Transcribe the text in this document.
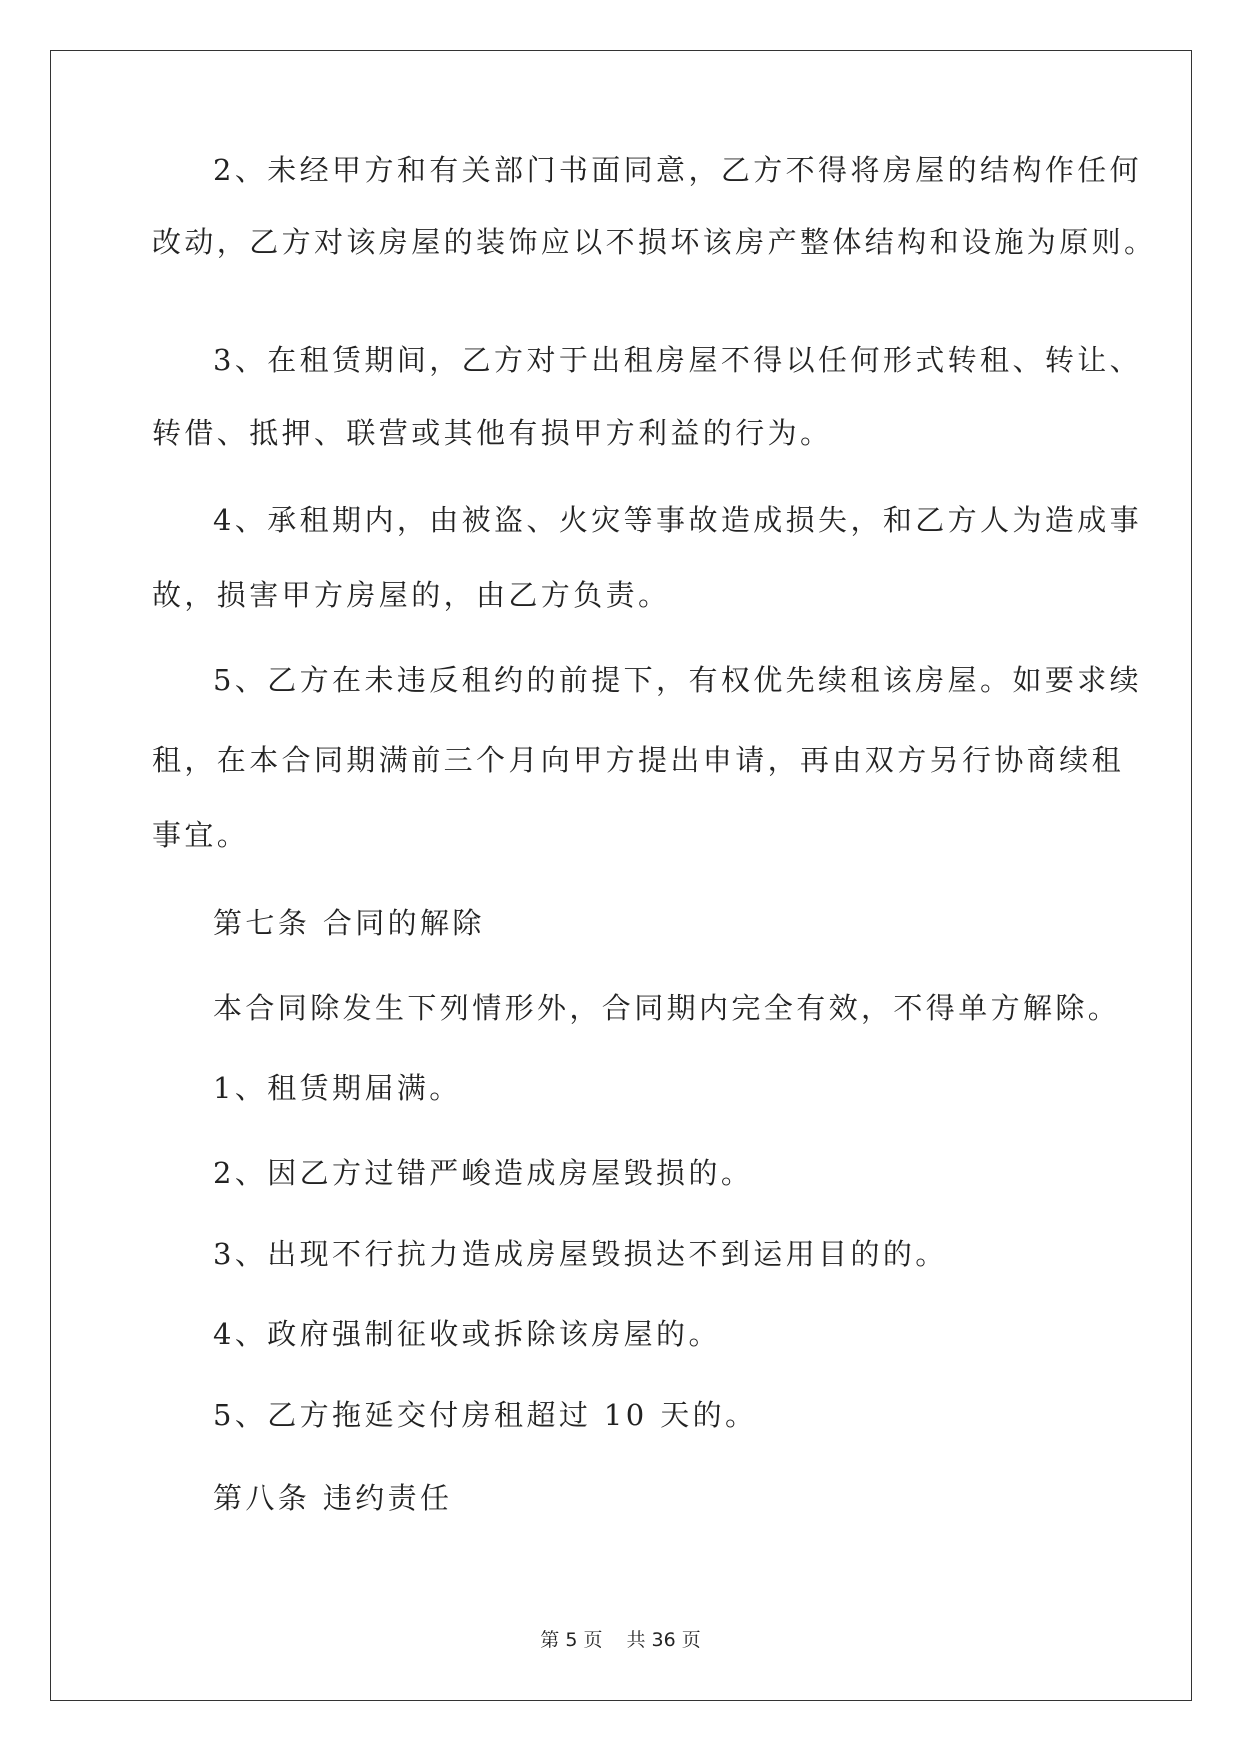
2、未经甲方和有关部门书面同意，乙方不得将房屋的结构作任何

改动，乙方对该房屋的装饰应以不损坏该房产整体结构和设施为原则。

3、在租赁期间，乙方对于出租房屋不得以任何形式转租、转让、

转借、抵押、联营或其他有损甲方利益的行为。

4、承租期内，由被盗、火灾等事故造成损失，和乙方人为造成事

故，损害甲方房屋的，由乙方负责。

5、乙方在未违反租约的前提下，有权优先续租该房屋。如要求续

租，在本合同期满前三个月向甲方提出申请，再由双方另行协商续租

事宜。

第七条 合同的解除

本合同除发生下列情形外，合同期内完全有效，不得单方解除。

1、租赁期届满。

2、因乙方过错严峻造成房屋毁损的。

3、出现不行抗力造成房屋毁损达不到运用目的的。

4、政府强制征收或拆除该房屋的。

5、乙方拖延交付房租超过 10 天的。

第八条 违约责任

第 5 页 共 36 页
